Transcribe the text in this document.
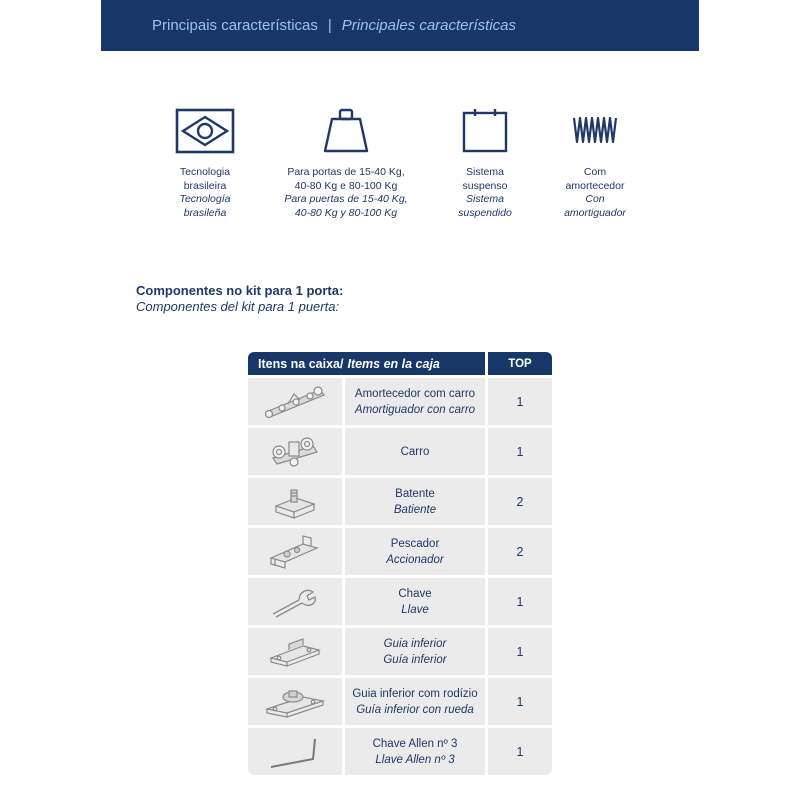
Principais características | Principales características
Tecnologia
brasileira
Tecnología
brasileña
Para portas de 15-40 Kg,
40-80 Kg e 80-100 Kg
Para puertas de 15-40 Kg,
40-80 Kg y 80-100 Kg
Sistema
suspenso
Sistema
suspendido
Com
amortecedor
Con
amortiguador
Componentes no kit para 1 porta:
Componentes del kit para 1 puerta:
Itens na caixa/ Items en la caja	TOP
Amortecedor com carro
Amortiguador con carro
1
Carro	1
Batente
Batiente
2
Pescador
Accionador
2
Chave
Llave
1
Guia inferior
Guía inferior
1
Guia inferior com rodízio
Guía inferior con rueda
1
Chave Allen nº 3
Llave Allen nº 3
1
